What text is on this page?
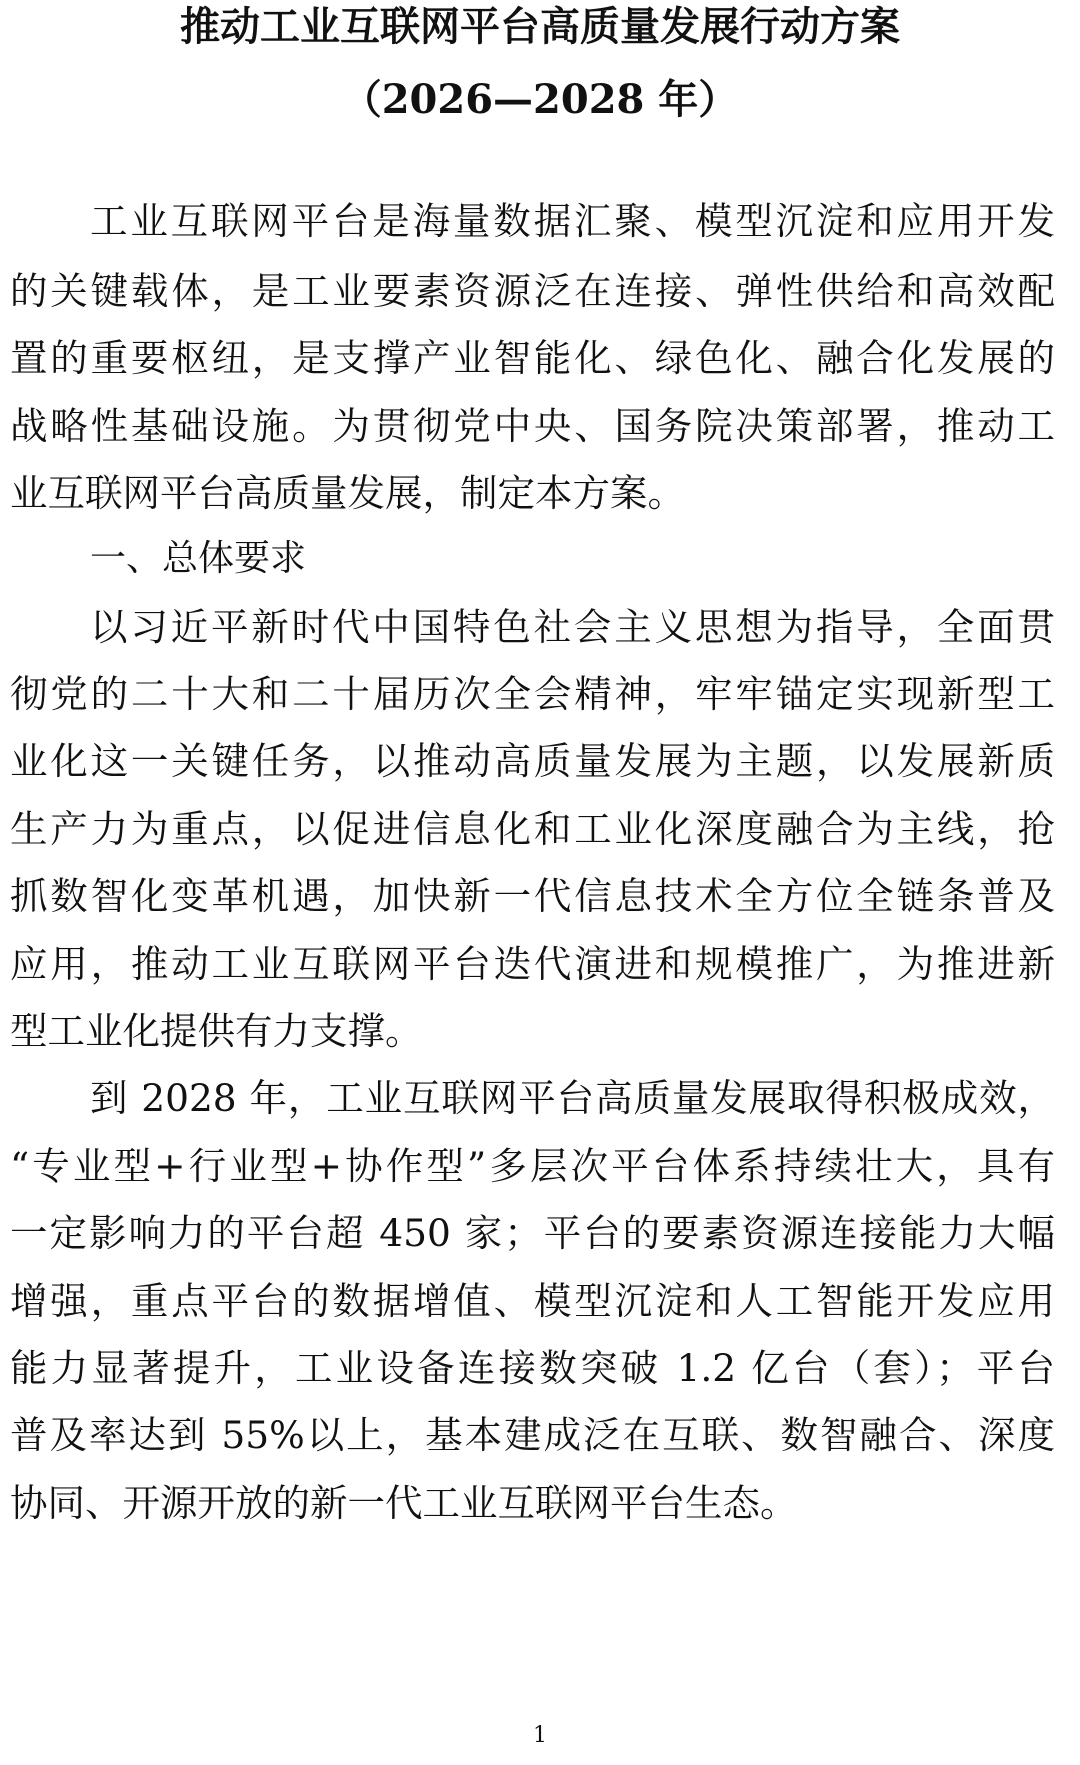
推动工业互联网平台高质量发展行动方案
（2026—2028 年）
工业互联网平台是海量数据汇聚、模型沉淀和应用开发
的关键载体，是工业要素资源泛在连接、弹性供给和高效配
置的重要枢纽，是支撑产业智能化、绿色化、融合化发展的
战略性基础设施。为贯彻党中央、国务院决策部署，推动工
业互联网平台高质量发展，制定本方案。
一、总体要求
以习近平新时代中国特色社会主义思想为指导，全面贯
彻党的二十大和二十届历次全会精神，牢牢锚定实现新型工
业化这一关键任务，以推动高质量发展为主题，以发展新质
生产力为重点，以促进信息化和工业化深度融合为主线，抢
抓数智化变革机遇，加快新一代信息技术全方位全链条普及
应用，推动工业互联网平台迭代演进和规模推广，为推进新
型工业化提供有力支撑。
到 2028 年，工业互联网平台高质量发展取得积极成效，
“专业型+行业型+协作型”多层次平台体系持续壮大，具有
一定影响力的平台超 450 家；平台的要素资源连接能力大幅
增强，重点平台的数据增值、模型沉淀和人工智能开发应用
能力显著提升，工业设备连接数突破 1.2 亿台（套）；平台
普及率达到 55%以上，基本建成泛在互联、数智融合、深度
协同、开源开放的新一代工业互联网平台生态。
1
